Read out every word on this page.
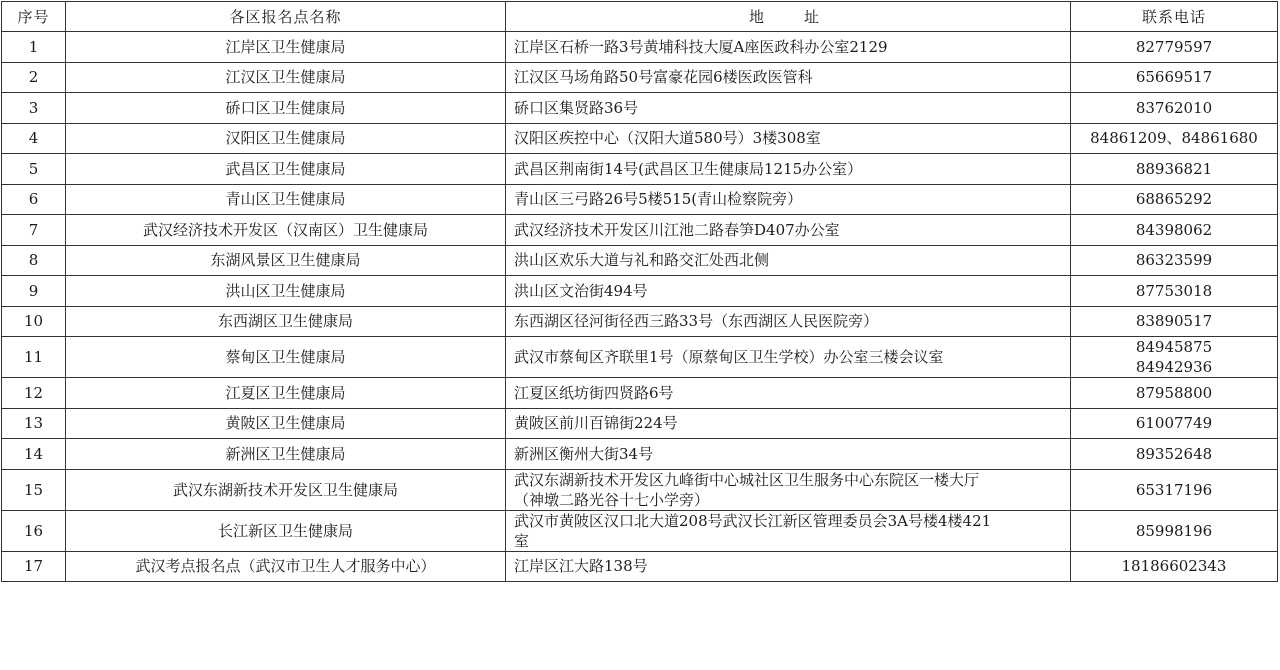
序号	各区报名点名称	地址	联系电话
1	江岸区卫生健康局	江岸区石桥一路3号黄埔科技大厦A座医政科办公室2129	82779597

2	江汉区卫生健康局	江汉区马场角路50号富豪花园6楼医政医管科	65669517

3	硚口区卫生健康局	硚口区集贤路36号	83762010

4	汉阳区卫生健康局	汉阳区疾控中心（汉阳大道580号）3楼308室	84861209、84861680

5	武昌区卫生健康局	武昌区荆南街14号(武昌区卫生健康局1215办公室）	88936821

6	青山区卫生健康局	青山区三弓路26号5楼515(青山检察院旁）	68865292

7	武汉经济技术开发区（汉南区）卫生健康局	武汉经济技术开发区川江池二路春笋D407办公室	84398062

8	东湖风景区卫生健康局	洪山区欢乐大道与礼和路交汇处西北侧	86323599

9	洪山区卫生健康局	洪山区文治街494号	87753018

10	东西湖区卫生健康局	东西湖区径河街径西三路33号（东西湖区人民医院旁）	83890517

11	蔡甸区卫生健康局	武汉市蔡甸区齐联里1号（原蔡甸区卫生学校）办公室三楼会议室	84945875
84942936

12	江夏区卫生健康局	江夏区纸坊街四贤路6号	87958800

13	黄陂区卫生健康局	黄陂区前川百锦街224号	61007749

14	新洲区卫生健康局	新洲区衡州大街34号	89352648

15	武汉东湖新技术开发区卫生健康局	武汉东湖新技术开发区九峰街中心城社区卫生服务中心东院区一楼大厅
（神墩二路光谷十七小学旁）	65317196

16	长江新区卫生健康局	武汉市黄陂区汉口北大道208号武汉长江新区管理委员会3A号楼4楼421
室	85998196

17	武汉考点报名点（武汉市卫生人才服务中心）	江岸区江大路138号	18186602343
